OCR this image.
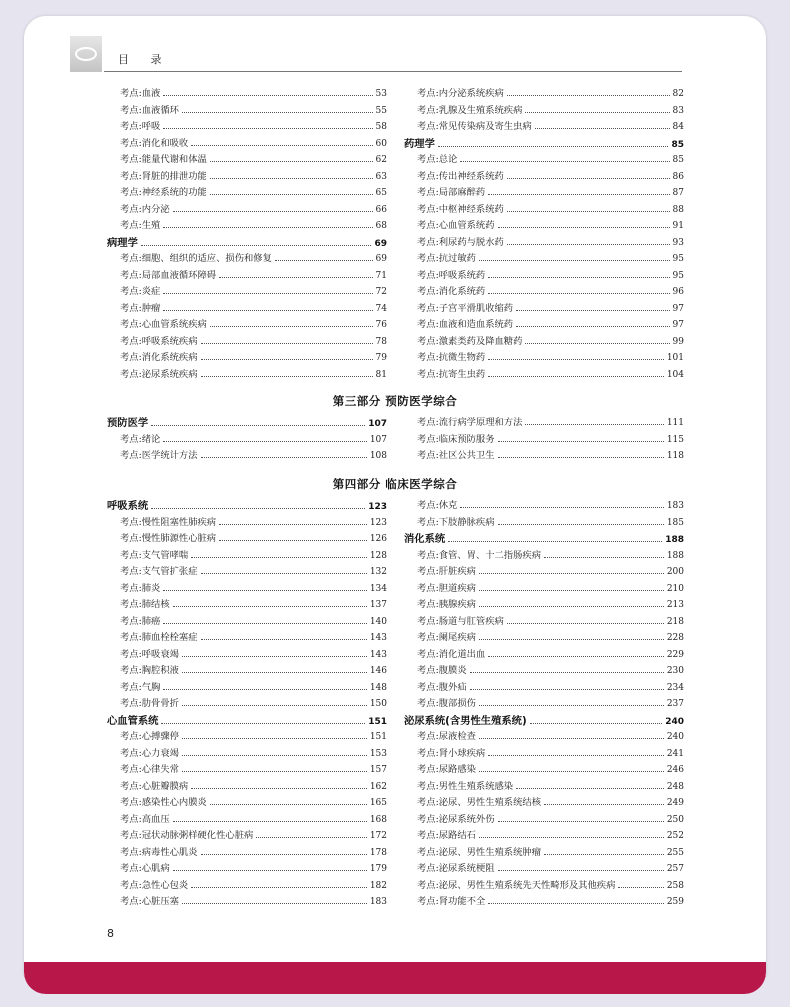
目 录
考点:血液	53
考点:血液循环	55
考点:呼吸	58
考点:消化和吸收	60
考点:能量代谢和体温	62
考点:肾脏的排泄功能	63
考点:神经系统的功能	65
考点:内分泌	66
考点:生殖	68
病理学	69
考点:细胞、组织的适应、损伤和修复	69
考点:局部血液循环障碍	71
考点:炎症	72
考点:肿瘤	74
考点:心血管系统疾病	76
考点:呼吸系统疾病	78
考点:消化系统疾病	79
考点:泌尿系统疾病	81
考点:内分泌系统疾病	82
考点:乳腺及生殖系统疾病	83
考点:常见传染病及寄生虫病	84
药理学	85
考点:总论	85
考点:传出神经系统药	86
考点:局部麻醉药	87
考点:中枢神经系统药	88
考点:心血管系统药	91
考点:利尿药与脱水药	93
考点:抗过敏药	95
考点:呼吸系统药	95
考点:消化系统药	96
考点:子宫平滑肌收缩药	97
考点:血液和造血系统药	97
考点:激素类药及降血糖药	99
考点:抗微生物药	101
考点:抗寄生虫药	104
第三部分 预防医学综合
预防医学	107
考点:绪论	107
考点:医学统计方法	108
考点:流行病学原理和方法	111
考点:临床预防服务	115
考点:社区公共卫生	118
第四部分 临床医学综合
呼吸系统	123
考点:慢性阻塞性肺疾病	123
考点:慢性肺源性心脏病	126
考点:支气管哮喘	128
考点:支气管扩张症	132
考点:肺炎	134
考点:肺结核	137
考点:肺癌	140
考点:肺血栓栓塞症	143
考点:呼吸衰竭	143
考点:胸腔积液	146
考点:气胸	148
考点:肋骨骨折	150
心血管系统	151
考点:心搏骤停	151
考点:心力衰竭	153
考点:心律失常	157
考点:心脏瓣膜病	162
考点:感染性心内膜炎	165
考点:高血压	168
考点:冠状动脉粥样硬化性心脏病	172
考点:病毒性心肌炎	178
考点:心肌病	179
考点:急性心包炎	182
考点:心脏压塞	183
考点:休克	183
考点:下肢静脉疾病	185
消化系统	188
考点:食管、胃、十二指肠疾病	188
考点:肝脏疾病	200
考点:胆道疾病	210
考点:胰腺疾病	213
考点:肠道与肛管疾病	218
考点:阑尾疾病	228
考点:消化道出血	229
考点:腹膜炎	230
考点:腹外疝	234
考点:腹部损伤	237
泌尿系统(含男性生殖系统)	240
考点:尿液检查	240
考点:肾小球疾病	241
考点:尿路感染	246
考点:男性生殖系统感染	248
考点:泌尿、男性生殖系统结核	249
考点:泌尿系统外伤	250
考点:尿路结石	252
考点:泌尿、男性生殖系统肿瘤	255
考点:泌尿系统梗阻	257
考点:泌尿、男性生殖系统先天性畸形及其他疾病	258
考点:肾功能不全	259
8
